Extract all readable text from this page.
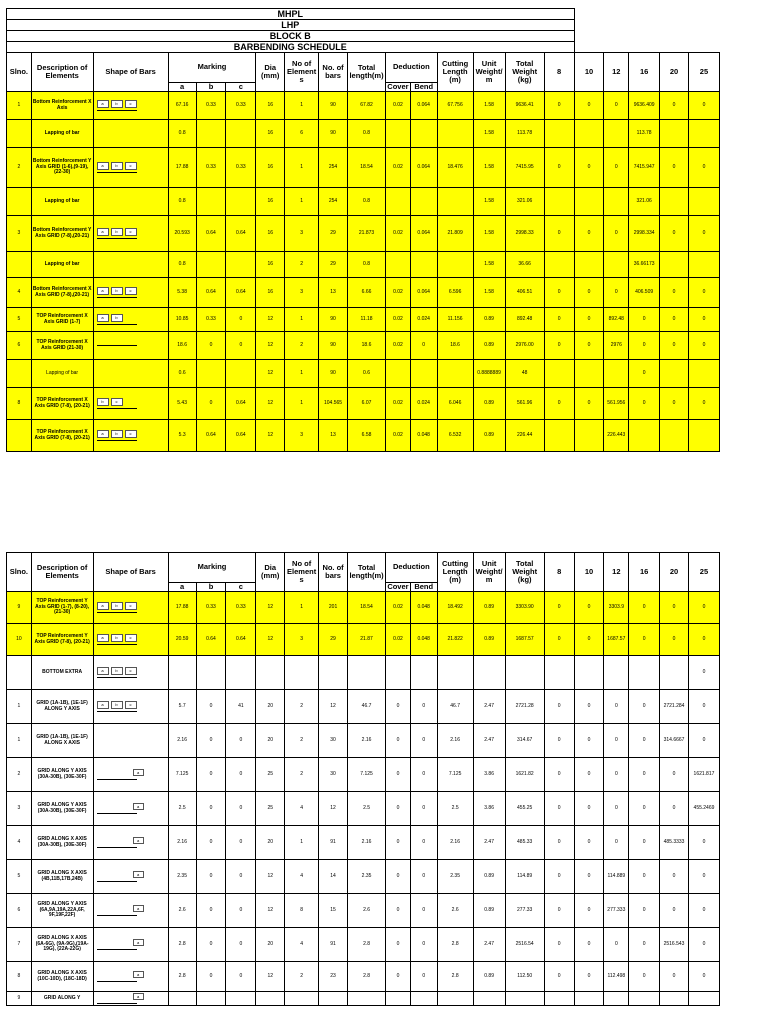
MHPL																				
LHP																				
BLOCK B																				
BARBENDING SCHEDULE																				
Slno.	Description of Elements	Shape of Bars	Marking			Dia (mm)	No of Element s	No. of bars	Total length(m)	Deduction		Cutting Length (m)	Unit Weight/ m	Total Weight (kg)	8	10	12	16	20	25
			a	b	c					Cover	Bend									
1	Bottom Reinforcement X Axis	a b c	67.16	0.33	0.33	16	1	90	67.82	0.02	0.064	67.756	1.58	9636.41	0	0	0	9636.409	0	0
	Lapping of bar		0.8			16	6	90	0.8				1.58	113.78				113.78		
2	Bottom Reinforcement Y Axis GRID (1-6),(9-19),(22-30)	a b c	17.88	0.33	0.33	16	1	254	18.54	0.02	0.064	18.476	1.58	7415.95	0	0	0	7415.947	0	0
	Lapping of bar		0.8			16	1	254	0.8				1.58	321.06				321.06		
3	Bottom Reinforcement Y Axis GRID (7-8),(20-21)	a b c	20.593	0.64	0.64	16	3	29	21.873	0.02	0.064	21.809	1.58	2998.33	0	0	0	2998.334	0	0
	Lapping of bar		0.8			16	2	29	0.8				1.58	36.66				36.66173		
4	Bottom Reinforcement X Axis GRID (7-8),(20-21)	a b c	5.38	0.64	0.64	16	3	13	6.66	0.02	0.064	6.596	1.58	406.51	0	0	0	406.509	0	0
5	TOP Reinforcement X Axis GRID (1-7)	a b	10.85	0.33	0	12	1	90	11.18	0.02	0.024	11.156	0.89	892.48	0	0	892.48	0	0	0
6	TOP Reinforcement X Axis GRID (21-30)		18.6	0	0	12	2	90	18.6	0.02	0	18.6	0.89	2976.00	0	0	2976	0	0	0
	Lapping of bar		0.6			12	1	90	0.6				0.8888889	48				0		
8	TOP Reinforcement X Axis GRID (7-8), (20-21)	b c	5.43	0	0.64	12	1	104.565	6.07	0.02	0.024	6.046	0.89	561.96	0	0	561.956	0	0	0
	TOP Reinforcement X Axis GRID (7-8), (20-21)	a b c	5.3	0.64	0.64	12	3	13	6.58	0.02	0.048	6.532	0.89	226.44			226.443			
Slno.	Description of Elements	Shape of Bars	Marking			Dia (mm)	No of Element s	No. of bars	Total length(m)	Deduction		Cutting Length (m)	Unit Weight/ m	Total Weight (kg)	8	10	12	16	20	25
			a	b	c					Cover	Bend									
9	TOP Reinforcement Y Axis GRID (1-7), (8-20),(21-30)	a b c	17.88	0.33	0.33	12	1	201	18.54	0.02	0.048	18.492	0.89	3303.90	0	0	3303.9	0	0	0
10	TOP Reinforcement Y Axis GRID (7-8), (20-21)	a b c	20.59	0.64	0.64	12	3	29	21.87	0.02	0.048	21.822	0.89	1687.57	0	0	1687.57	0	0	0
	BOTTOM EXTRA	a b c																		0
1	GRID (1A-1B), (1E-1F) ALONG Y AXIS	a b c	5.7	0	41	20	2	12	46.7	0	0	46.7	2.47	2721.28	0	0	0	0	2721.284	0
1	GRID (1A-1B), (1E-1F) ALONG X AXIS		2.16	0	0	20	2	30	2.16	0	0	2.16	2.47	314.67	0	0	0	0	314.6667	0
2	GRID ALONG Y AXIS (30A-30B), (30E-30F)	a	7.125	0	0	25	2	30	7.125	0	0	7.125	3.86	1621.82	0	0	0	0	0	1621.817
3	GRID ALONG Y AXIS (30A-30B), (30E-30F)	a	2.5	0	0	25	4	12	2.5	0	0	2.5	3.86	455.25	0	0	0	0	0	455.2469
4	GRID ALONG X AXIS (30A-30B), (30E-30F)	a	2.16	0	0	20	1	91	2.16	0	0	2.16	2.47	485.33	0	0	0	0	485.3333	0
5	GRID ALONG X AXIS (4B,11B,17B,24B)	a	2.35	0	0	12	4	14	2.35	0	0	2.35	0.89	114.89	0	0	114.889	0	0	0
6	GRID ALONG Y AXIS (6A,9A,19A,22A,6F, 9F,19F,22F)	a	2.6	0	0	12	8	15	2.6	0	0	2.6	0.89	277.33	0	0	277.333	0	0	0
7	GRID ALONG X AXIS (6A-6G), (9A-9G),(19A-19G), (22A-22G)	a	2.8	0	0	20	4	91	2.8	0	0	2.8	2.47	2516.54	0	0	0	0	2516.543	0
8	GRID ALONG X AXIS (10C-10D), (18C-18D)	a	2.8	0	0	12	2	23	2.8	0	0	2.8	0.89	112.50	0	0	112.498	0	0	0
9	GRID ALONG Y	a
